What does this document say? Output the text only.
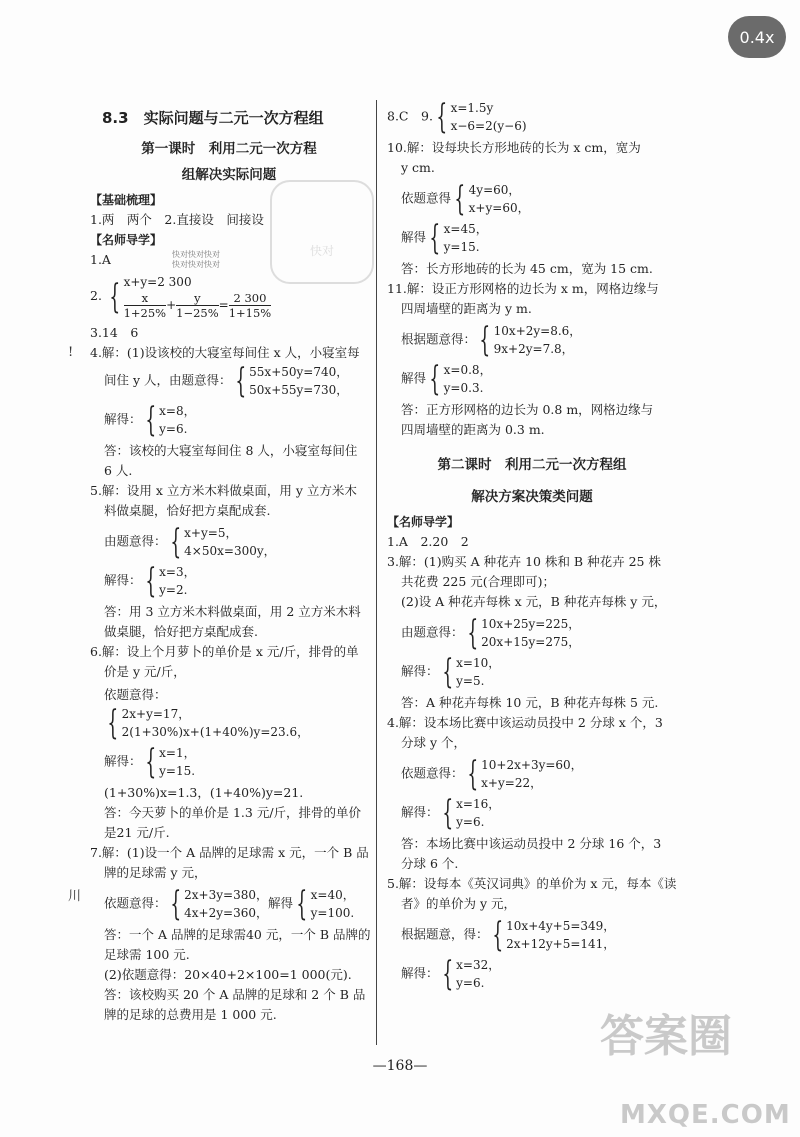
0.4x
!
川
快对
快对快对快对
快对快对快对
8.3　实际问题与二元一次方程组
第一课时　利用二元一次方程
组解决实际问题
【基础梳理】
1.两　两个　2.直接设　间接设
【名师导学】
1.A
2. { x+y=2 300
$\frac{x}{1+25\%} + \frac{y}{1-25\%} = \frac{2 300}{1+15\%}$
3.14　6
4.解：(1)设该校的大寝室每间住 x 人，小寝室每
间住 y 人，由题意得： { 55x+50y=740，
50x+55y=730，
解得： { x=8，
y=6.
答：该校的大寝室每间住 8 人，小寝室每间住
6 人.
5.解：设用 x 立方米木料做桌面，用 y 立方米木
料做桌腿，恰好把方桌配成套.
由题意得： { x+y=5，
4×50x=300y，
解得： { x=3，
y=2.
答：用 3 立方米木料做桌面，用 2 立方米木料
做桌腿，恰好把方桌配成套.
6.解：设上个月萝卜的单价是 x 元/斤，排骨的单
价是 y 元/斤，
依题意得：
{ 2x+y=17，
2(1+30%)x+(1+40%)y=23.6，
解得： { x=1，
y=15.
(1+30%)x=1.3，(1+40%)y=21.
答：今天萝卜的单价是 1.3 元/斤，排骨的单价
是21 元/斤.
7.解：(1)设一个 A 品牌的足球需 x 元，一个 B 品
牌的足球需 y 元，
依题意得： { 2x+3y=380，
4x+2y=360，
解得 { x=40，
y=100.
答：一个 A 品牌的足球需40 元，一个 B 品牌的
足球需 100 元.
(2)依题意得：20×40+2×100=1 000(元).
答：该校购买 20 个 A 品牌的足球和 2 个 B 品
牌的足球的总费用是 1 000 元.
8.C　9. { x=1.5y
x−6=2(y−6)
10.解：设每块长方形地砖的长为 x cm，宽为
y cm.
依题意得 { 4y=60，
x+y=60，
解得 { x=45，
y=15.
答：长方形地砖的长为 45 cm，宽为 15 cm.
11.解：设正方形网格的边长为 x m，网格边缘与
四周墙壁的距离为 y m.
根据题意得： { 10x+2y=8.6，
9x+2y=7.8，
解得 { x=0.8，
y=0.3.
答：正方形网格的边长为 0.8 m，网格边缘与
四周墙壁的距离为 0.3 m.
第二课时　利用二元一次方程组
解决方案决策类问题
【名师导学】
1.A　2.20　2
3.解：(1)购买 A 种花卉 10 株和 B 种花卉 25 株
共花费 225 元(合理即可)；
(2)设 A 种花卉每株 x 元，B 种花卉每株 y 元，
由题意得： { 10x+25y=225，
20x+15y=275，
解得： { x=10，
y=5.
答：A 种花卉每株 10 元，B 种花卉每株 5 元.
4.解：设本场比赛中该运动员投中 2 分球 x 个，3
分球 y 个，
依题意得： { 10+2x+3y=60，
x+y=22，
解得： { x=16，
y=6.
答：本场比赛中该运动员投中 2 分球 16 个，3
分球 6 个.
5.解：设每本《英汉词典》的单价为 x 元，每本《读
者》的单价为 y 元，
根据题意，得： { 10x+4y+5=349，
2x+12y+5=141，
解得： { x=32，
y=6.
—168—
答案圈
MXQE.COM
